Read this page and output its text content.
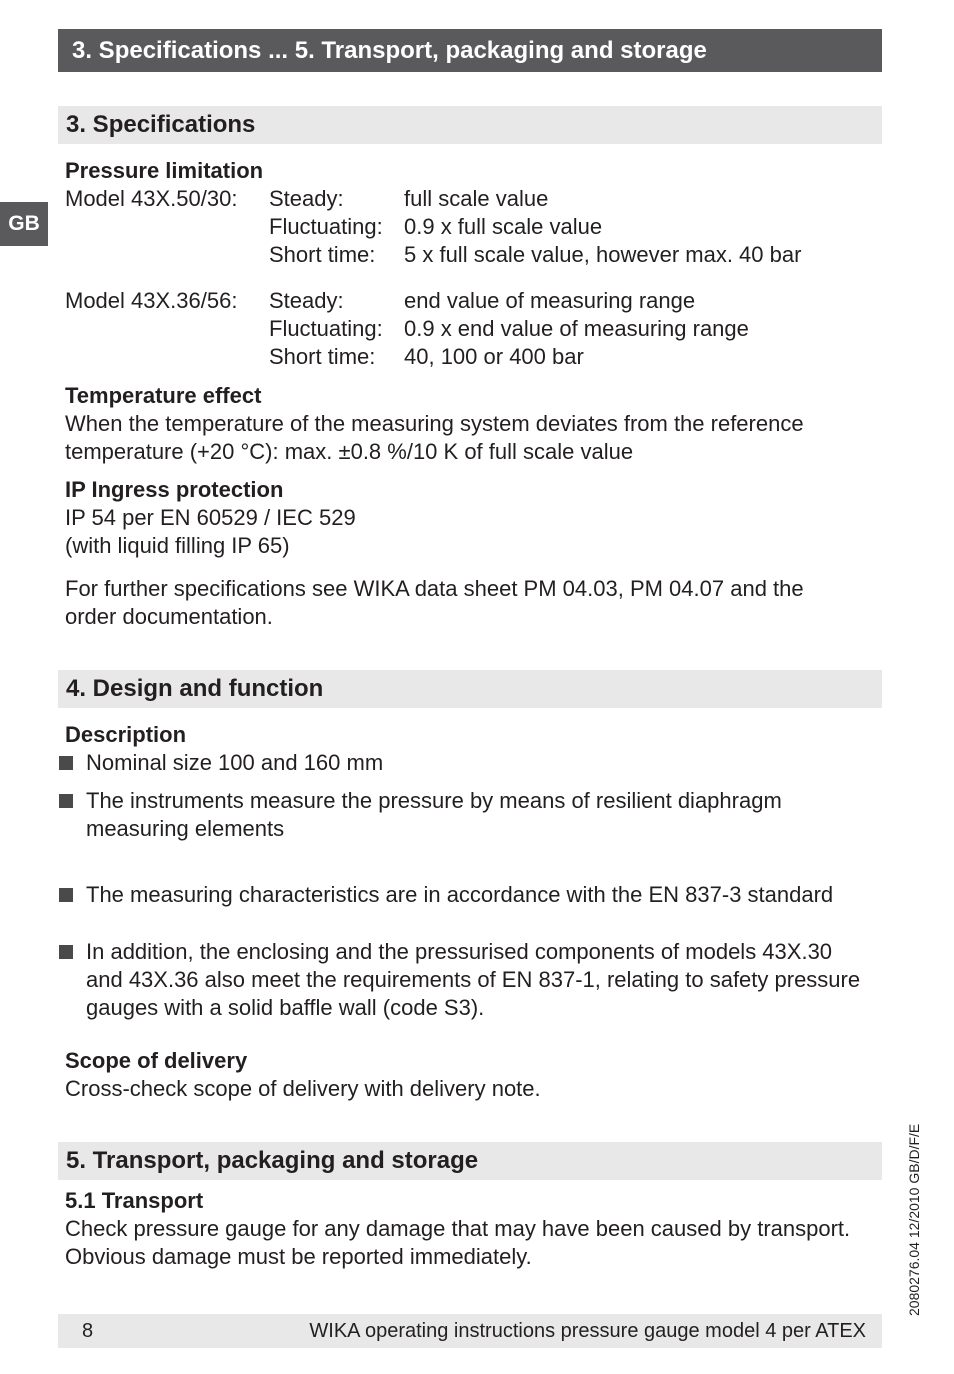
3. Specifications ... 5. Transport, packaging and storage
GB
3. Specifications
Pressure limitation
Model 43X.50/30: Steady:	full scale value
Fluctuating: 0.9 x full scale value
Short time: 5 x full scale value, however max. 40 bar
Model 43X.36/56: Steady:	end value of measuring range
Fluctuating: 0.9 x end value of measuring range
Short time: 40, 100 or 400 bar
Temperature effect
When the temperature of the measuring system deviates from the reference
temperature (+20 °C): max. ±0.8 %/10 K of full scale value
IP Ingress protection
IP 54 per EN 60529 / IEC 529
(with liquid filling IP 65)
For further specifications see WIKA data sheet PM 04.03, PM 04.07 and the
order documentation.
4. Design and function
Description
Nominal size 100 and 160 mm
The instruments measure the pressure by means of resilient diaphragm
measuring elements
The measuring characteristics are in accordance with the EN 837-3 standard
In addition, the enclosing and the pressurised components of models 43X.30
and 43X.36 also meet the requirements of EN 837-1, relating to safety pressure
gauges with a solid baffle wall (code S3).
Scope of delivery
Cross-check scope of delivery with delivery note.
5. Transport, packaging and storage
5.1 Transport
Check pressure gauge for any damage that may have been caused by transport.
Obvious damage must be reported immediately.
8	WIKA operating instructions pressure gauge model 4 per ATEX
2080276.04 12/2010 GB/D/F/E
